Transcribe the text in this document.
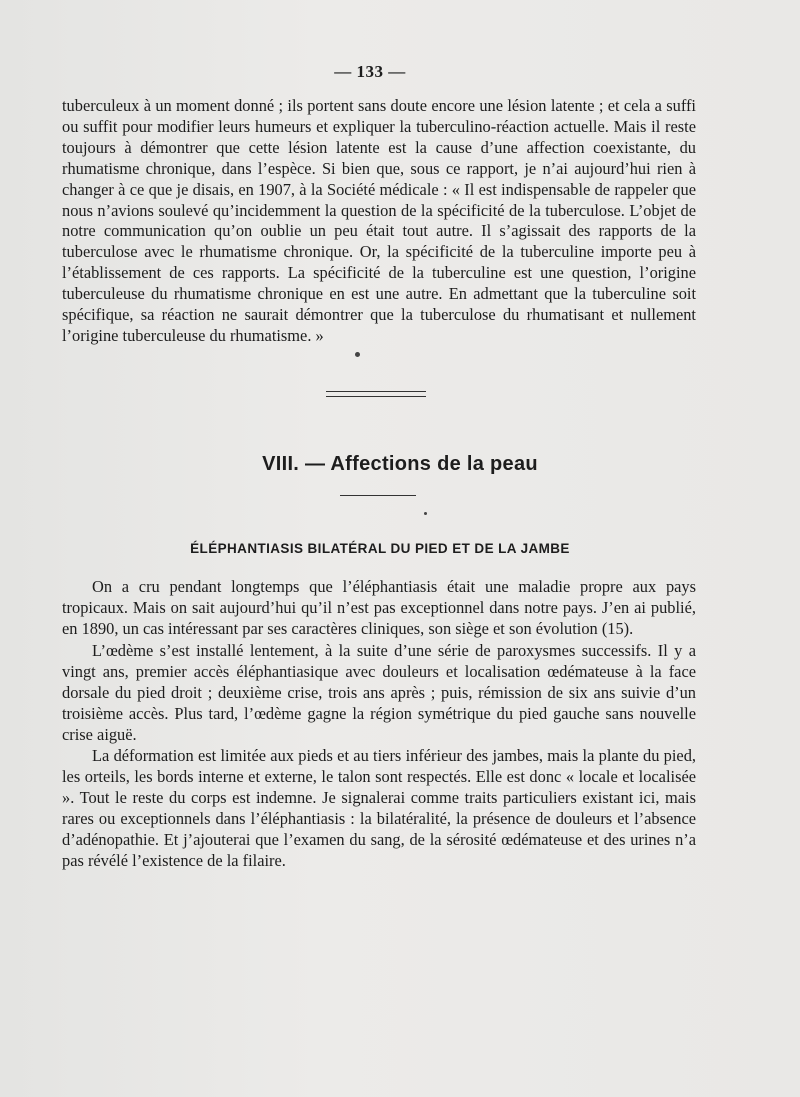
— 133 —

tuberculeux à un moment donné ; ils portent sans doute encore une lésion latente ; et cela a suffi ou suffit pour modifier leurs humeurs et expliquer la tuberculino-réaction actuelle. Mais il reste toujours à démontrer que cette lésion latente est la cause d’une affection coexistante, du rhumatisme chronique, dans l’espèce. Si bien que, sous ce rapport, je n’ai aujourd’hui rien à changer à ce que je disais, en 1907, à la Société médicale : « Il est indispensable de rappeler que nous n’avions soulevé qu’incidemment la question de la spécificité de la tuberculose. L’objet de notre communication qu’on oublie un peu était tout autre. Il s’agissait des rapports de la tuberculose avec le rhumatisme chronique. Or, la spécificité de la tuberculine importe peu à l’établissement de ces rapports. La spécificité de la tuberculine est une question, l’origine tuberculeuse du rhumatisme chronique en est une autre. En admettant que la tuberculine soit spécifique, sa réaction ne saurait démontrer que la tuberculose du rhumatisant et nullement l’origine tuberculeuse du rhumatisme. »

VIII. — Affections de la peau
ÉLÉPHANTIASIS BILATÉRAL DU PIED ET DE LA JAMBE

On a cru pendant longtemps que l’éléphantiasis était une maladie propre aux pays tropicaux. Mais on sait aujourd’hui qu’il n’est pas exceptionnel dans notre pays. J’en ai publié, en 1890, un cas intéressant par ses caractères cliniques, son siège et son évolution (15).

L’œdème s’est installé lentement, à la suite d’une série de paroxysmes successifs. Il y a vingt ans, premier accès éléphantiasique avec douleurs et localisation œdémateuse à la face dorsale du pied droit ; deuxième crise, trois ans après ; puis, rémission de six ans suivie d’un troisième accès. Plus tard, l’œdème gagne la région symétrique du pied gauche sans nouvelle crise aiguë.

La déformation est limitée aux pieds et au tiers inférieur des jambes, mais la plante du pied, les orteils, les bords interne et externe, le talon sont respectés. Elle est donc « locale et localisée ». Tout le reste du corps est indemne. Je signalerai comme traits particuliers existant ici, mais rares ou exceptionnels dans l’éléphantiasis : la bilatéralité, la présence de douleurs et l’absence d’adénopathie. Et j’ajouterai que l’examen du sang, de la sérosité œdémateuse et des urines n’a pas révélé l’existence de la filaire.
